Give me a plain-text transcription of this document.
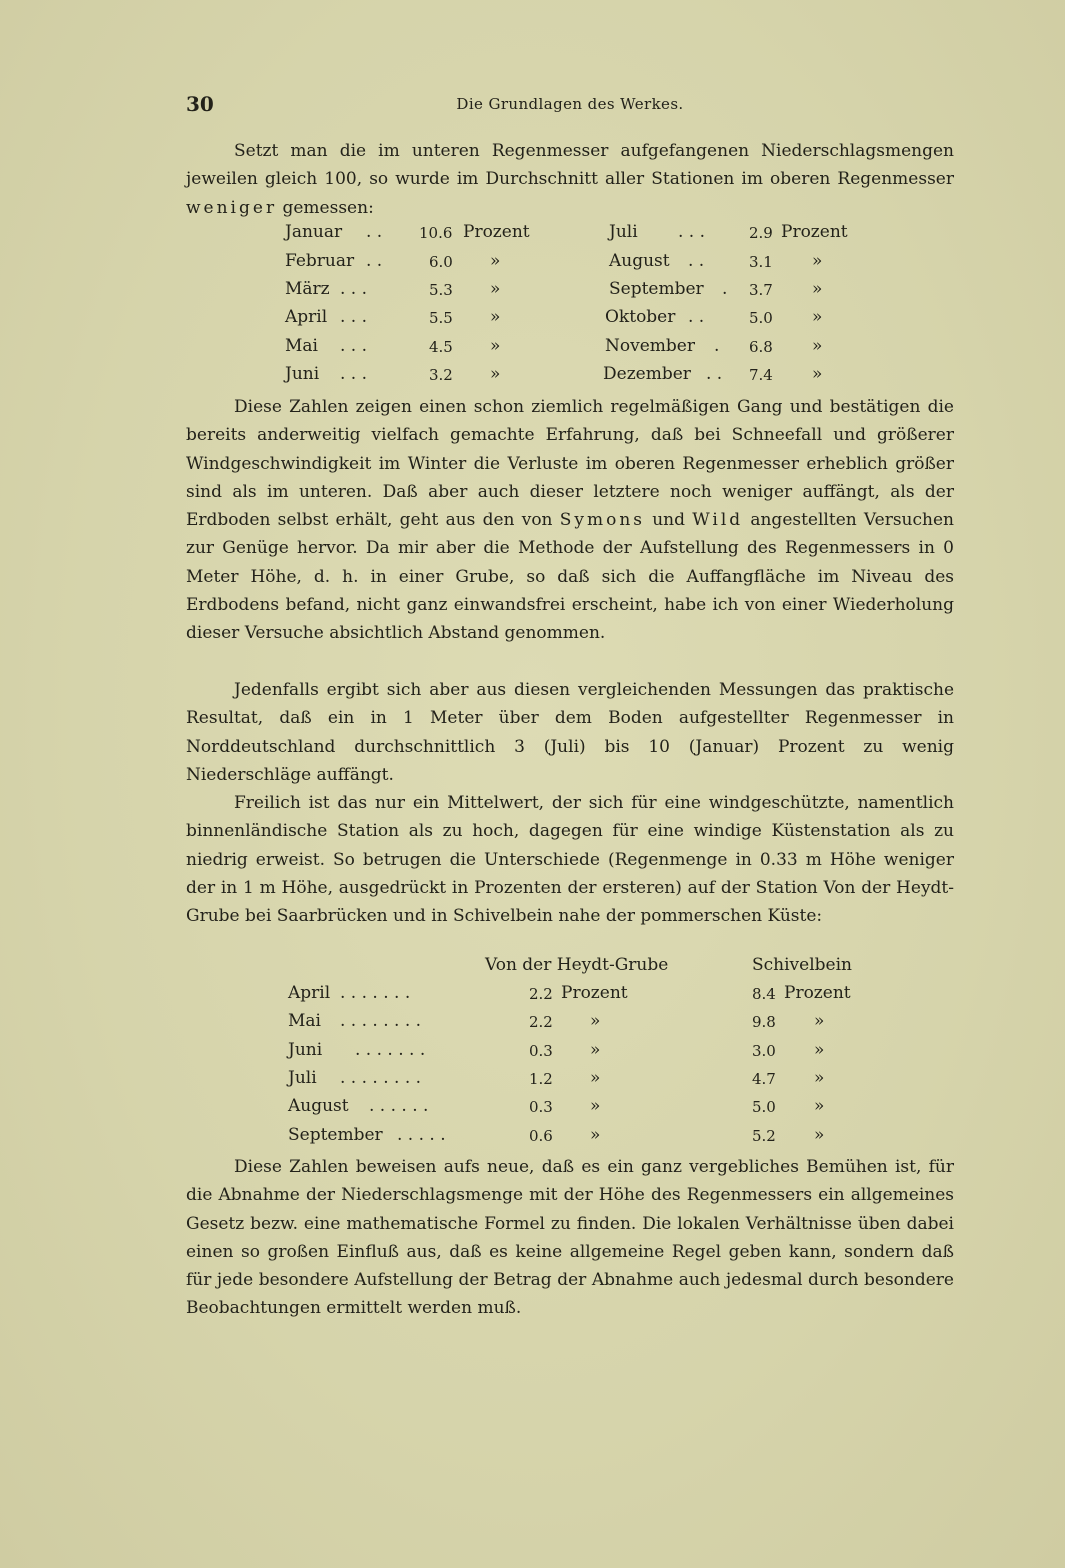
30	Die Grundlagen des Werkes.

Setzt man die im unteren Regenmesser aufgefangenen Niederschlagsmengen jeweilen gleich 100, so wurde im Durchschnitt aller Stationen im oberen Regenmesser weniger gemessen:

Januar . . 10.6 Prozent	Juli . . .	2.9 Prozent
Februar . .	6.0 »	August . .	3.1 »
März . . .	5.3 »	September . 3.7 »
April . . .	5.5 »	Oktober . .	5.0 »
Mai . . .	4.5 »	November . 6.8 »
Juni . . .	3.2 »	Dezember . . 7.4 »

Diese Zahlen zeigen einen schon ziemlich regelmäßigen Gang und bestätigen die bereits anderweitig vielfach gemachte Erfahrung, daß bei Schneefall und größerer Windgeschwindigkeit im Winter die Verluste im oberen Regenmesser erheblich größer sind als im unteren. Daß aber auch dieser letztere noch weniger auffängt, als der Erdboden selbst erhält, geht aus den von Symons und Wild angestellten Versuchen zur Genüge hervor. Da mir aber die Methode der Aufstellung des Regenmessers in 0 Meter Höhe, d. h. in einer Grube, so daß sich die Auffangfläche im Niveau des Erdbodens befand, nicht ganz einwandsfrei erscheint, habe ich von einer Wiederholung dieser Versuche absichtlich Abstand genommen.

Jedenfalls ergibt sich aber aus diesen vergleichenden Messungen das praktische Resultat, daß ein in 1 Meter über dem Boden aufgestellter Regenmesser in Norddeutschland durchschnittlich 3 (Juli) bis 10 (Januar) Prozent zu wenig Niederschläge auffängt.

Freilich ist das nur ein Mittelwert, der sich für eine windgeschützte, namentlich binnenländische Station als zu hoch, dagegen für eine windige Küstenstation als zu niedrig erweist. So betrugen die Unterschiede (Regenmenge in 0.33 m Höhe weniger der in 1 m Höhe, ausgedrückt in Prozenten der ersteren) auf der Station Von der Heydt-Grube bei Saarbrücken und in Schivelbein nahe der pommerschen Küste:

Von der Heydt-Grube	Schivelbein
April . . . . . . .	2.2 Prozent	8.4 Prozent
Mai . . . . . . . .	2.2 »	9.8 »
Juni . . . . . . .	0.3 »	3.0 »
Juli . . . . . . . .	1.2 »	4.7 »
August . . . . . .	0.3 »	5.0 »
September . . . . .	0.6 »	5.2 »

Diese Zahlen beweisen aufs neue, daß es ein ganz vergebliches Bemühen ist, für die Abnahme der Niederschlagsmenge mit der Höhe des Regenmessers ein allgemeines Gesetz bezw. eine mathematische Formel zu finden. Die lokalen Verhältnisse üben dabei einen so großen Einfluß aus, daß es keine allgemeine Regel geben kann, sondern daß für jede besondere Aufstellung der Betrag der Abnahme auch jedesmal durch besondere Beobachtungen ermittelt werden muß.
